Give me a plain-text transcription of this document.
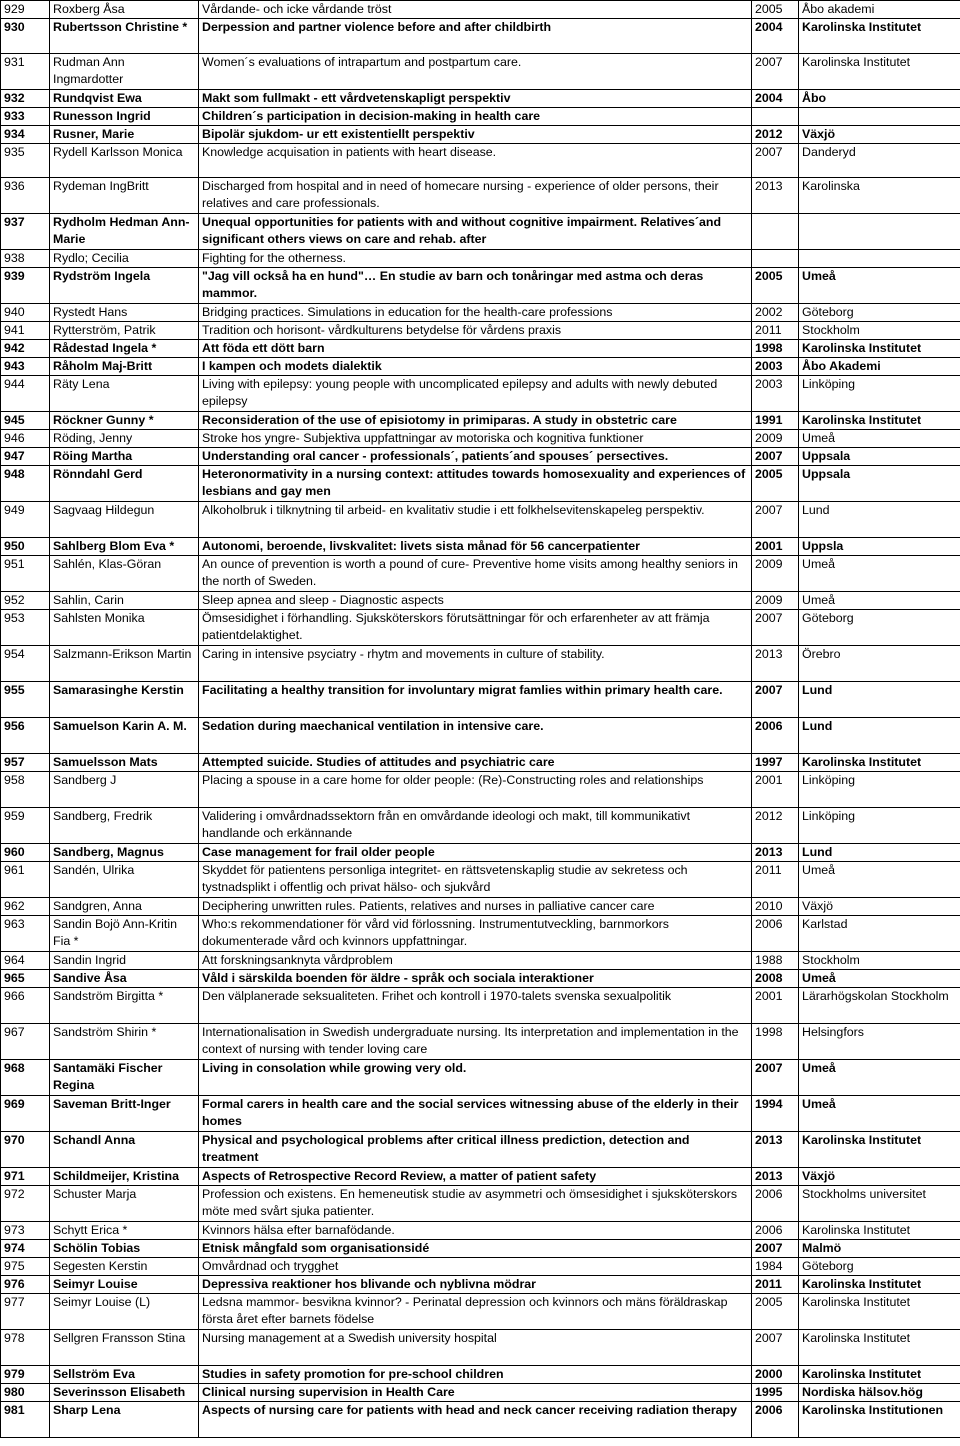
929	Roxberg Åsa	Vårdande- och icke vårdande tröst	2005	Åbo akademi
930	Rubertsson Christine *	Derpession and partner violence before and after childbirth	2004	Karolinska Institutet
931	Rudman Ann Ingmardotter	Women´s evaluations of intrapartum and postpartum care.	2007	Karolinska Institutet
932	Rundqvist Ewa	Makt som fullmakt - ett vårdvetenskapligt perspektiv	2004	Åbo
933	Runesson Ingrid	Children´s participation in decision-making in health care		
934	Rusner, Marie	Bipolär sjukdom- ur ett existentiellt perspektiv	2012	Växjö
935	Rydell Karlsson Monica	Knowledge acquisation in patients with heart disease.	2007	Danderyd
936	Rydeman IngBritt	Discharged from hospital and in need of homecare nursing - experience of older persons, their relatives and care professionals.	2013	Karolinska
937	Rydholm Hedman Ann-Marie	Unequal opportunities for patients with and without cognitive impairment. Relatives´and significant others views on care and rehab. after		
938	Rydlo; Cecilia	Fighting for the otherness.		
939	Rydström Ingela	"Jag vill också ha en hund"… En studie av barn och tonåringar med astma och deras mammor.	2005	Umeå
940	Rystedt Hans	Bridging practices. Simulations in education for the health-care professions	2002	Göteborg
941	Rytterström, Patrik	Tradition och horisont- vårdkulturens betydelse för vårdens praxis	2011	Stockholm
942	Rådestad Ingela *	Att föda ett dött barn	1998	Karolinska Institutet
943	Råholm Maj-Britt	I kampen och modets dialektik	2003	Åbo Akademi
944	Räty Lena	Living with epilepsy: young people with uncomplicated epilepsy and adults with newly debuted epilepsy	2003	Linköping
945	Röckner Gunny *	Reconsideration of the use of episiotomy in primiparas. A study in obstetric care	1991	Karolinska Institutet
946	Röding, Jenny	Stroke hos yngre- Subjektiva uppfattningar av motoriska och kognitiva funktioner	2009	Umeå
947	Röing Martha	Understanding oral cancer - professionals´, patients´and spouses´ persectives.	2007	Uppsala
948	Rönndahl Gerd	Heteronormativity in a nursing context: attitudes towards homosexuality and experiences of lesbians and gay men	2005	Uppsala
949	Sagvaag Hildegun	Alkoholbruk i tilknytning til arbeid- en kvalitativ studie i ett folkhelsevitenskapeleg perspektiv.	2007	Lund
950	Sahlberg Blom Eva *	Autonomi, beroende, livskvalitet: livets sista månad för 56 cancerpatienter	2001	Uppsla
951	Sahlén, Klas-Göran	An ounce of prevention is worth a pound of cure- Preventive home visits among healthy seniors in the north of Sweden.	2009	Umeå
952	Sahlin, Carin	Sleep apnea and sleep - Diagnostic aspects	2009	Umeå
953	Sahlsten Monika	Ömsesidighet i förhandling. Sjuksköterskors förutsättningar för och erfarenheter av att främja patientdelaktighet.	2007	Göteborg
954	Salzmann-Erikson Martin	Caring in intensive psyciatry - rhytm and movements in culture of stability.	2013	Örebro
955	Samarasinghe Kerstin	Facilitating a healthy transition for involuntary migrat famlies within primary health care.	2007	Lund
956	Samuelson Karin A. M.	Sedation during maechanical ventilation in intensive care.	2006	Lund
957	Samuelsson Mats	Attempted suicide. Studies of attitudes and psychiatric care	1997	Karolinska Institutet
958	Sandberg J	Placing a spouse in a care home for older people: (Re)-Constructing roles and relationships	2001	Linköping
959	Sandberg, Fredrik	Validering i omvårdnadssektorn från en omvårdande ideologi och makt, till kommunikativt handlande och erkännande	2012	Linköping
960	Sandberg, Magnus	Case management for frail older people	2013	Lund
961	Sandén, Ulrika	Skyddet för patientens personliga integritet- en rättsvetenskaplig studie av sekretess och tystnadsplikt i offentlig och privat hälso- och sjukvård	2011	Umeå
962	Sandgren, Anna	Deciphering unwritten rules. Patients, relatives and nurses in palliative cancer care	2010	Växjö
963	Sandin Bojö Ann-Kritin Fia *	Who:s rekommendationer för vård vid förlossning. Instrumentutveckling, barnmorkors dokumenterade vård och kvinnors uppfattningar.	2006	Karlstad
964	Sandin Ingrid	Att forskningsanknyta vårdproblem	1988	Stockholm
965	Sandive Åsa	Våld i särskilda boenden för äldre - språk och sociala interaktioner	2008	Umeå
966	Sandström Birgitta *	Den välplanerade seksualiteten. Frihet och kontroll i 1970-talets svenska sexualpolitik	2001	Lärarhögskolan Stockholm
967	Sandström Shirin *	Internationalisation in Swedish undergraduate nursing. Its interpretation and implementation in the context of nursing with tender loving care	1998	Helsingfors
968	Santamäki Fischer Regina	Living in consolation while growing very old.	2007	Umeå
969	Saveman Britt-Inger	Formal carers in health care and the social services witnessing abuse of the elderly in their homes	1994	Umeå
970	Schandl Anna	Physical and psychological problems after critical illness prediction, detection and treatment	2013	Karolinska Institutet
971	Schildmeijer, Kristina	Aspects of Retrospective Record Review, a matter of patient safety	2013	Växjö
972	Schuster Marja	Profession och existens. En hemeneutisk studie av asymmetri och ömsesidighet i sjuksköterskors möte med svårt sjuka patienter.	2006	Stockholms universitet
973	Schytt Erica *	Kvinnors hälsa efter barnafödande.	2006	Karolinska Institutet
974	Schölin Tobias	Etnisk mångfald som organisationsidé	2007	Malmö
975	Segesten Kerstin	Omvårdnad och trygghet	1984	Göteborg
976	Seimyr Louise	Depressiva reaktioner hos blivande och nyblivna mödrar	2011	Karolinska Institutet
977	Seimyr Louise (L)	Ledsna mammor- besvikna kvinnor? - Perinatal depression och kvinnors och mäns föräldraskap första året efter barnets födelse	2005	Karolinska Institutet
978	Sellgren Fransson Stina	Nursing management at a Swedish university hospital	2007	Karolinska Institutet
979	Sellström Eva	Studies in safety promotion for pre-school children	2000	Karolinska Institutet
980	Severinsson Elisabeth	Clinical nursing supervision in Health Care	1995	Nordiska hälsov.hög
981	Sharp Lena	Aspects of nursing care for patients with head and neck cancer receiving radiation therapy	2006	Karolinska Institutionen
